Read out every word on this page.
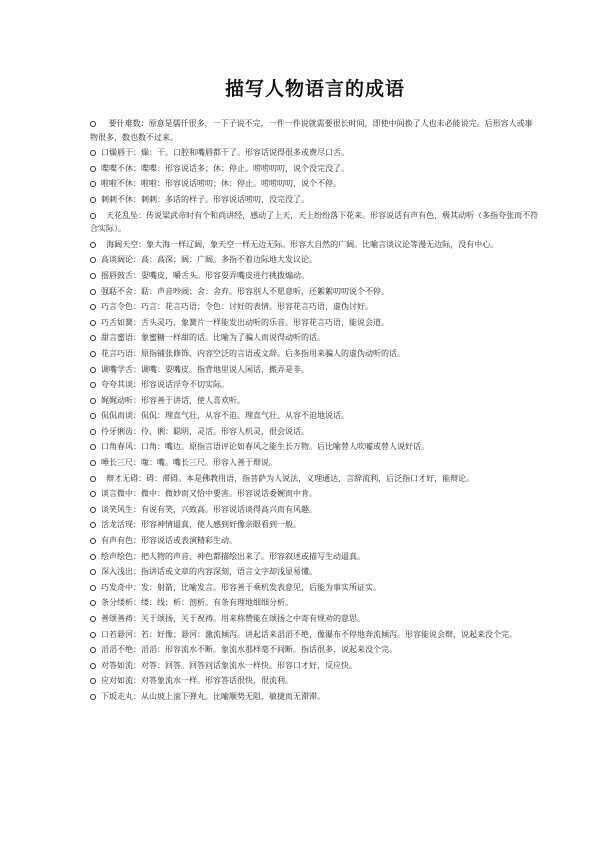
描写人物语言的成语
要什难数：原意是儒仟很多，一下子说不完，一件一件说就需要很长时间，即使中间换了人也未必能说完。后形容人或事物很多，数也数不过来。
口燥唇干：燥：干。口腔和嘴唇都干了。形容话说得很多或费尽口舌。
喋喋不休：喋喋：形容说话多；休：停止。唠唠叨叨，说个没完没了。
啦啦不休：啦啦：形容说话唠叨；休：停止。唠唠叨叨，说个不停。
刺刺不休：刺刺：多话的样子。形容说话唠叨，没完没了。
天花乱坠：传说梁武帝时有个和尚讲经，感动了上天，天上纷纷落下花来。形容说话有声有色，极其动听（多指夸张而不符合实际）。
海阔天空：象大海一样辽阔，象天空一样无边无际。形容大自然的广阔。比喻言谈议论等漫无边际，没有中心。
高谈阔论：高：高深；阔：广阔。多指不着边际地大发议论。
摇唇鼓舌：耍嘴皮，嚼舌头。形容耍弄嘴皮进行挑拨煽动。
强聒不舍：聒：声音吵闹；舍：舍弃。形容别人不愿意听，还絮絮叨叨说个不停。
巧言令色：巧言：花言巧语；令色：讨好的表情。形容花言巧语，虚伪讨好。
巧舌如簧：舌头灵巧，象簧片一样能发出动听的乐音。形容花言巧语，能说会道。
甜言蜜语：象蜜糖一样甜的话。比喻为了骗人而说得动听的话。
花言巧语：原指铺张修饰、内容空泛的言语或文辞。后多指用来骗人的虚伪动听的话。
调嘴学舌：调嘴：耍嘴皮。指背地里说人闲话，搬弄是非。
夸夸其谈：形容说话浮夸不切实际。
娓娓动听：形容善于讲话，使人喜欢听。
侃侃而谈：侃侃：理直气壮，从容不迫。理直气壮、从容不迫地说话。
伶牙俐齿：伶、俐：聪明，灵活。形容人机灵，很会说话。
口角春风：口角：嘴边。原指言语评论如春风之能生长万物。后比喻替人吹嘘或替人说好话。
唾长三尺：喙：嘴。嘴长三尺。形容人善于辩说。
辩才无碍：碍：滞碍。本是佛教用语，指菩萨为人说法，义理通达，言辞流利，后泛指口才好，能辩论。
谈言微中：微中：微妙而又恰中要害。形容说话委婉而中肯。
谈笑风生：有说有笑，兴致高。形容说话谈得高兴而有风趣。
活龙活现：形容神情逼真，使人感到好像亲眼看到一般。
有声有色：形容说话或表演精彩生动。
绘声绘色：把人物的声音、神色都描绘出来了。形容叙述或描写生动逼真。
深入浅出：指讲话或文章的内容深刻，语言文字却浅显易懂。
巧发奇中：发：射箭，比喻发言。形容善于乘机发表意见，后能为事实所证实。
条分缕析：缕：线；析：剖析。有条有理地细细分析。
善颂善祷：关于颂扬，关于祝祷。用来称赞能在颂扬之中寄有规劝的意思。
口若悬河：若：好像；悬河：激流倾泻。讲起话来滔滔不绝，像瀑布不停地奔流倾泻。形容能说会辩，说起来没个完。
滔滔不绝：滔滔：形容流水不断。象流水那样毫不间断。指话很多，说起来没个完。
对答如流：对答：回答。回答问话象流水一样快。形容口才好，反应快。
应对如流：对答象流水一样。形容答话很快，很流利。
下坂走丸：从山坡上滚下弹丸。比喻顺势无阻，敏捷而无滞滞。
